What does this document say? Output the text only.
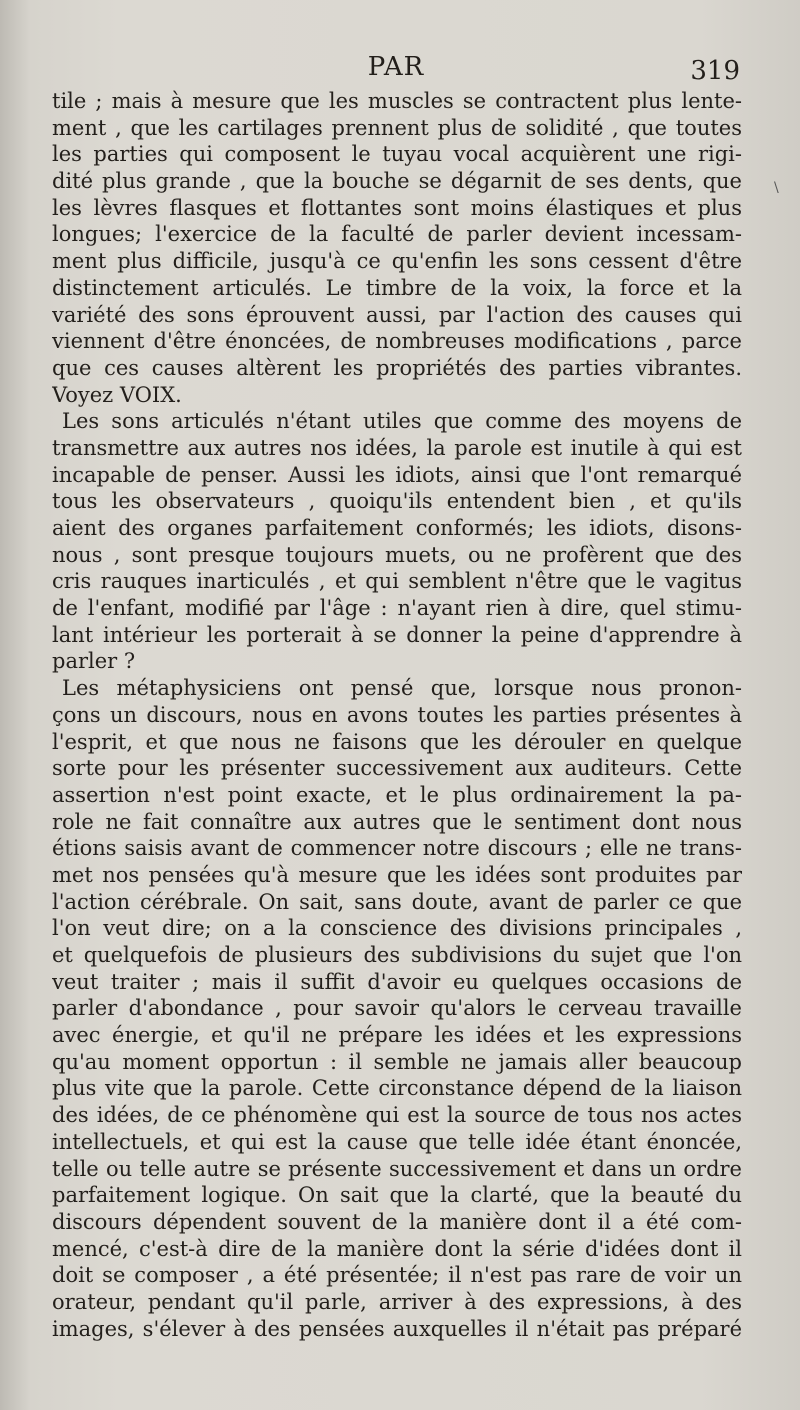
PAR	319
\
tile ; mais à mesure que les muscles se contractent plus lente-
ment , que les cartilages prennent plus de solidité , que toutes
les parties qui composent le tuyau vocal acquièrent une rigi-
dité plus grande , que la bouche se dégarnit de ses dents, que
les lèvres flasques et flottantes sont moins élastiques et plus
longues; l'exercice de la faculté de parler devient incessam-
ment plus difficile, jusqu'à ce qu'enfin les sons cessent d'être
distinctement articulés. Le timbre de la voix, la force et la
variété des sons éprouvent aussi, par l'action des causes qui
viennent d'être énoncées, de nombreuses modifications , parce
que ces causes altèrent les propriétés des parties vibrantes.
Voyez VOIX.
Les sons articulés n'étant utiles que comme des moyens de
transmettre aux autres nos idées, la parole est inutile à qui est
incapable de penser. Aussi les idiots, ainsi que l'ont remarqué
tous les observateurs , quoiqu'ils entendent bien , et qu'ils
aient des organes parfaitement conformés; les idiots, disons-
nous , sont presque toujours muets, ou ne profèrent que des
cris rauques inarticulés , et qui semblent n'être que le vagitus
de l'enfant, modifié par l'âge : n'ayant rien à dire, quel stimu-
lant intérieur les porterait à se donner la peine d'apprendre à
parler ?
Les métaphysiciens ont pensé que, lorsque nous pronon-
çons un discours, nous en avons toutes les parties présentes à
l'esprit, et que nous ne faisons que les dérouler en quelque
sorte pour les présenter successivement aux auditeurs. Cette
assertion n'est point exacte, et le plus ordinairement la pa-
role ne fait connaître aux autres que le sentiment dont nous
étions saisis avant de commencer notre discours ; elle ne trans-
met nos pensées qu'à mesure que les idées sont produites par
l'action cérébrale. On sait, sans doute, avant de parler ce que
l'on veut dire; on a la conscience des divisions principales ,
et quelquefois de plusieurs des subdivisions du sujet que l'on
veut traiter ; mais il suffit d'avoir eu quelques occasions de
parler d'abondance , pour savoir qu'alors le cerveau travaille
avec énergie, et qu'il ne prépare les idées et les expressions
qu'au moment opportun : il semble ne jamais aller beaucoup
plus vite que la parole. Cette circonstance dépend de la liaison
des idées, de ce phénomène qui est la source de tous nos actes
intellectuels, et qui est la cause que telle idée étant énoncée,
telle ou telle autre se présente successivement et dans un ordre
parfaitement logique. On sait que la clarté, que la beauté du
discours dépendent souvent de la manière dont il a été com-
mencé, c'est-à dire de la manière dont la série d'idées dont il
doit se composer , a été présentée; il n'est pas rare de voir un
orateur, pendant qu'il parle, arriver à des expressions, à des
images, s'élever à des pensées auxquelles il n'était pas préparé
